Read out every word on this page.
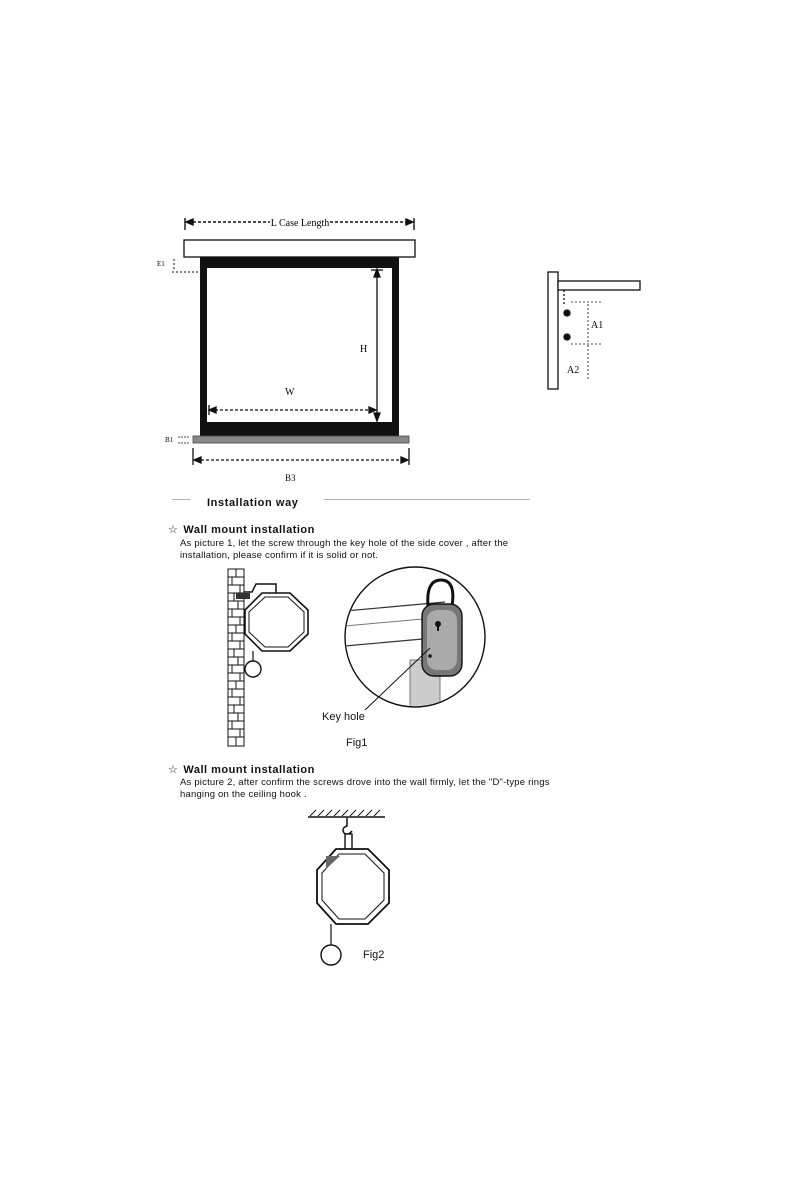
L Case Length
E1
H
W
B1
B3
A1
A2
Installation way
☆ Wall mount installation
As picture 1, let the screw through the key hole of the side cover , after the installation, please confirm if it is solid or not.
Key hole
Fig1
☆ Wall mount installation
As picture 2, after confirm the screws drove into the wall firmly, let the "D"-type rings hanging on the ceiling hook .
Fig2
